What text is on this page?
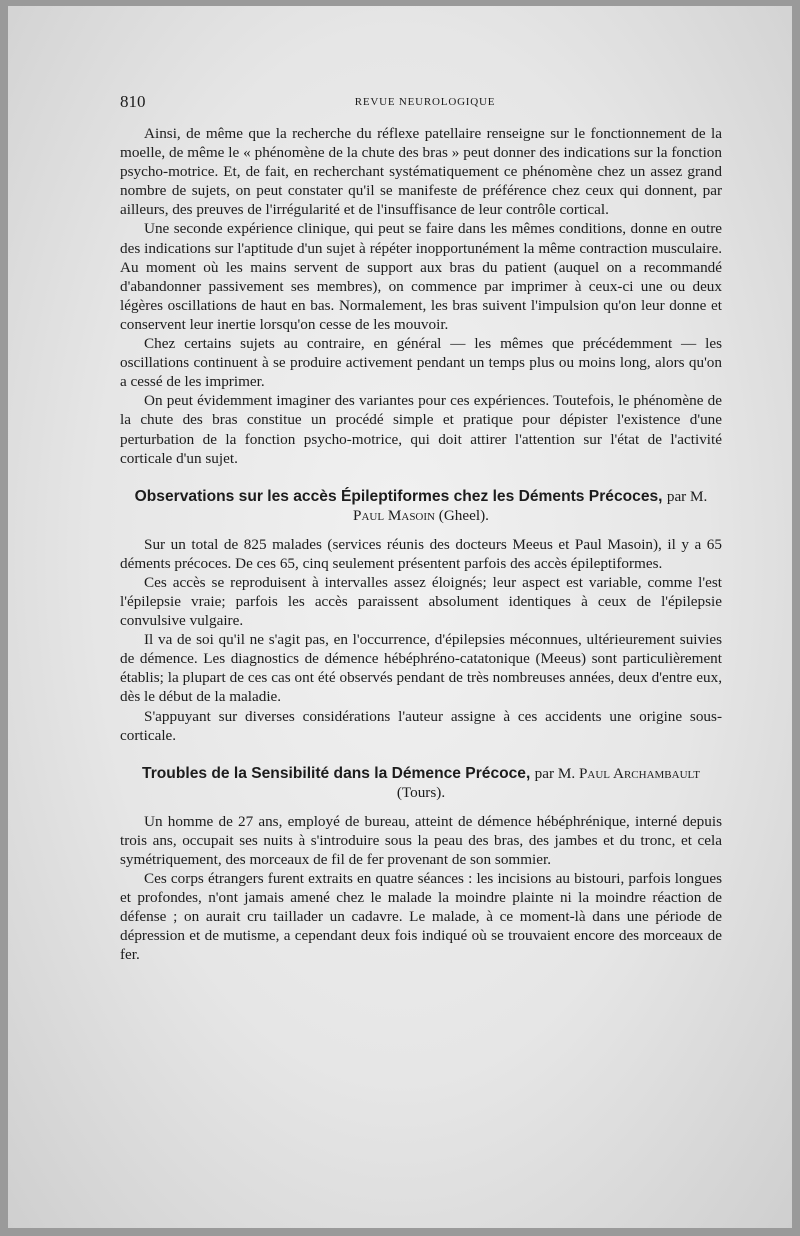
810	REVUE NEUROLOGIQUE

Ainsi, de même que la recherche du réflexe patellaire renseigne sur le fonctionnement de la moelle, de même le « phénomène de la chute des bras » peut donner des indications sur la fonction psycho-motrice. Et, de fait, en recherchant systématiquement ce phénomène chez un assez grand nombre de sujets, on peut constater qu'il se manifeste de préférence chez ceux qui donnent, par ailleurs, des preuves de l'irrégularité et de l'insuffisance de leur contrôle cortical.

Une seconde expérience clinique, qui peut se faire dans les mêmes conditions, donne en outre des indications sur l'aptitude d'un sujet à répéter inopportunément la même contraction musculaire. Au moment où les mains servent de support aux bras du patient (auquel on a recommandé d'abandonner passivement ses membres), on commence par imprimer à ceux-ci une ou deux légères oscillations de haut en bas. Normalement, les bras suivent l'impulsion qu'on leur donne et conservent leur inertie lorsqu'on cesse de les mouvoir.

Chez certains sujets au contraire, en général — les mêmes que précédemment — les oscillations continuent à se produire activement pendant un temps plus ou moins long, alors qu'on a cessé de les imprimer.

On peut évidemment imaginer des variantes pour ces expériences. Toutefois, le phénomène de la chute des bras constitue un procédé simple et pratique pour dépister l'existence d'une perturbation de la fonction psycho-motrice, qui doit attirer l'attention sur l'état de l'activité corticale d'un sujet.

Observations sur les accès Épileptiformes chez les Déments Précoces, par M. Paul Masoin (Gheel).

Sur un total de 825 malades (services réunis des docteurs Meeus et Paul Masoin), il y a 65 déments précoces. De ces 65, cinq seulement présentent parfois des accès épileptiformes.

Ces accès se reproduisent à intervalles assez éloignés; leur aspect est variable, comme l'est l'épilepsie vraie; parfois les accès paraissent absolument identiques à ceux de l'épilepsie convulsive vulgaire.

Il va de soi qu'il ne s'agit pas, en l'occurrence, d'épilepsies méconnues, ultérieurement suivies de démence. Les diagnostics de démence hébéphréno-catatonique (Meeus) sont particulièrement établis; la plupart de ces cas ont été observés pendant de très nombreuses années, deux d'entre eux, dès le début de la maladie.

S'appuyant sur diverses considérations l'auteur assigne à ces accidents une origine sous-corticale.

Troubles de la Sensibilité dans la Démence Précoce, par M. Paul Archambault (Tours).

Un homme de 27 ans, employé de bureau, atteint de démence hébéphrénique, interné depuis trois ans, occupait ses nuits à s'introduire sous la peau des bras, des jambes et du tronc, et cela symétriquement, des morceaux de fil de fer provenant de son sommier.

Ces corps étrangers furent extraits en quatre séances : les incisions au bistouri, parfois longues et profondes, n'ont jamais amené chez le malade la moindre plainte ni la moindre réaction de défense ; on aurait cru taillader un cadavre. Le malade, à ce moment-là dans une période de dépression et de mutisme, a cependant deux fois indiqué où se trouvaient encore des morceaux de fer.
